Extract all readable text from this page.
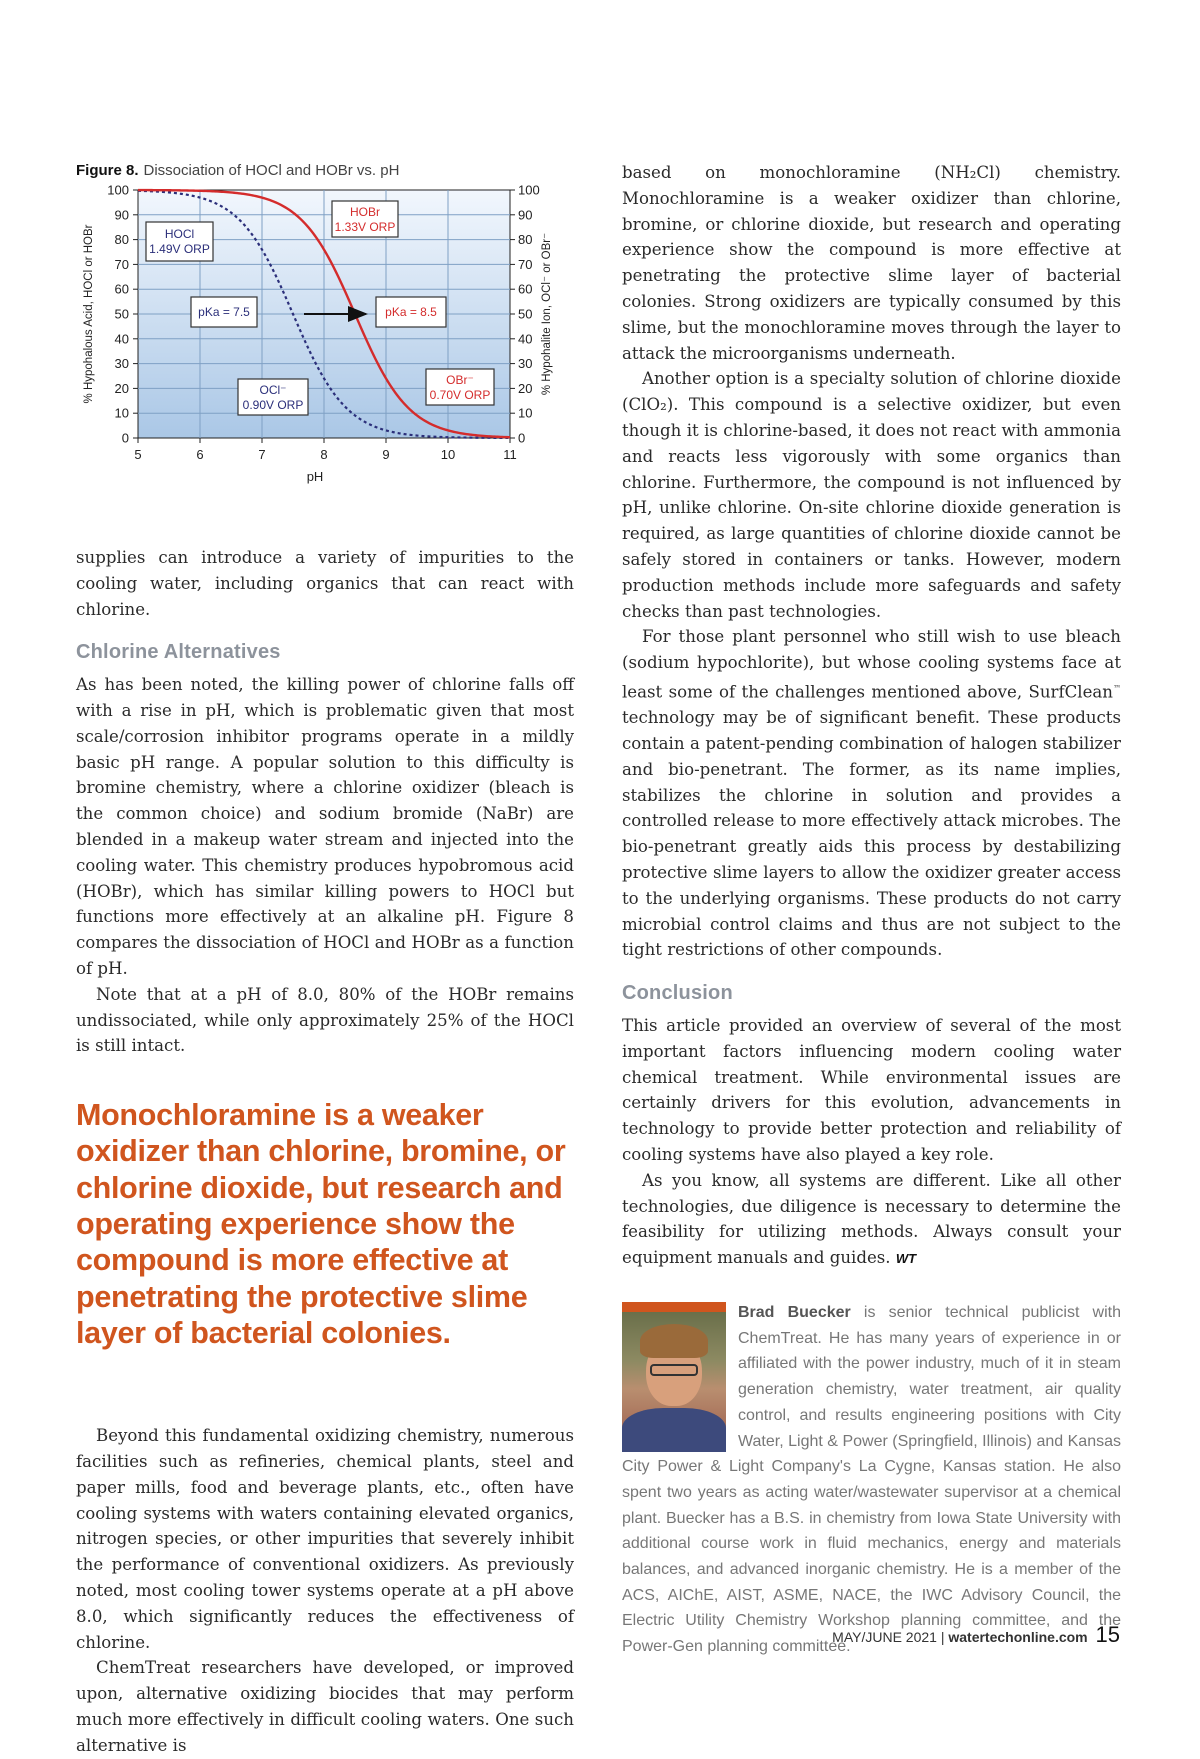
Figure 8. Dissociation of HOCl and HOBr vs. pH
0	0
10	10
20	20
30	30
40	40
50	50
60	60
70	70
80	80
90	90
100	100
5	6	7	8	9	10	11
HOCl
1.49V ORP
HOBr
1.33V ORP
OCl⁻
0.90V ORP
OBr⁻
0.70V ORP
pKa = 7.5	pKa = 8.5
pH
% Hypohalous Acid, HOCl or HOBr	% Hypohalite Ion, OCl⁻ or OBr⁻

supplies can introduce a variety of impurities to the cooling water, including organics that can react with chlorine.

Chlorine Alternatives

As has been noted, the killing power of chlorine falls off with a rise in pH, which is problematic given that most scale/corrosion inhibitor programs operate in a mildly basic pH range. A popular solution to this difficulty is bromine chemistry, where a chlorine oxidizer (bleach is the common choice) and sodium bromide (NaBr) are blended in a makeup water stream and injected into the cooling water. This chemistry produces hypobromous acid (HOBr), which has similar killing powers to HOCl but functions more effectively at an alkaline pH. Figure 8 compares the dissociation of HOCl and HOBr as a function of pH.

Note that at a pH of 8.0, 80% of the HOBr remains undissociated, while only approximately 25% of the HOCl is still intact.

Monochloramine is a weaker oxidizer than chlorine, bromine, or chlorine dioxide, but research and operating experience show the compound is more effective at penetrating the protective slime layer of bacterial colonies.

Beyond this fundamental oxidizing chemistry, numerous facilities such as refineries, chemical plants, steel and paper mills, food and beverage plants, etc., often have cooling systems with waters containing elevated organics, nitrogen species, or other impurities that severely inhibit the performance of conventional oxidizers. As previously noted, most cooling tower systems operate at a pH above 8.0, which significantly reduces the effectiveness of chlorine.

ChemTreat researchers have developed, or improved upon, alternative oxidizing biocides that may perform much more effectively in difficult cooling waters. One such alternative is

based on monochloramine (NH₂Cl) chemistry. Monochloramine is a weaker oxidizer than chlorine, bromine, or chlorine dioxide, but research and operating experience show the compound is more effective at penetrating the protective slime layer of bacterial colonies. Strong oxidizers are typically consumed by this slime, but the monochloramine moves through the layer to attack the microorganisms underneath.

Another option is a specialty solution of chlorine dioxide (ClO₂). This compound is a selective oxidizer, but even though it is chlorine-based, it does not react with ammonia and reacts less vigorously with some organics than chlorine. Furthermore, the compound is not influenced by pH, unlike chlorine. On-site chlorine dioxide generation is required, as large quantities of chlorine dioxide cannot be safely stored in containers or tanks. However, modern production methods include more safeguards and safety checks than past technologies.

For those plant personnel who still wish to use bleach (sodium hypochlorite), but whose cooling systems face at least some of the challenges mentioned above, SurfClean™ technology may be of significant benefit. These products contain a patent-pending combination of halogen stabilizer and bio-penetrant. The former, as its name implies, stabilizes the chlorine in solution and provides a controlled release to more effectively attack microbes. The bio-penetrant greatly aids this process by destabilizing protective slime layers to allow the oxidizer greater access to the underlying organisms. These products do not carry microbial control claims and thus are not subject to the tight restrictions of other compounds.

Conclusion

This article provided an overview of several of the most important factors influencing modern cooling water chemical treatment. While environmental issues are certainly drivers for this evolution, advancements in technology to provide better protection and reliability of cooling systems have also played a key role.

As you know, all systems are different. Like all other technologies, due diligence is necessary to determine the feasibility for utilizing methods. Always consult your equipment manuals and guides. WT

Brad Buecker
is senior technical publicist with ChemTreat. He has many years of experience in or affiliated with the power industry, much of it in steam generation chemistry, water treatment, air quality control, and results engineering positions with City Water, Light & Power (Springfield, Illinois) and Kansas City Power & Light Company's La Cygne, Kansas station. He also spent two years as acting water/wastewater supervisor at a chemical plant. Buecker has a B.S. in chemistry from Iowa State University with additional course work in fluid mechanics, energy and materials balances, and advanced inorganic chemistry. He is a member of the ACS, AIChE, AIST, ASME, NACE, the IWC Advisory Council, the Electric Utility Chemistry Workshop planning committee, and the Power-Gen planning committee.
MAY/JUNE 2021 | watertechonline.com 15
